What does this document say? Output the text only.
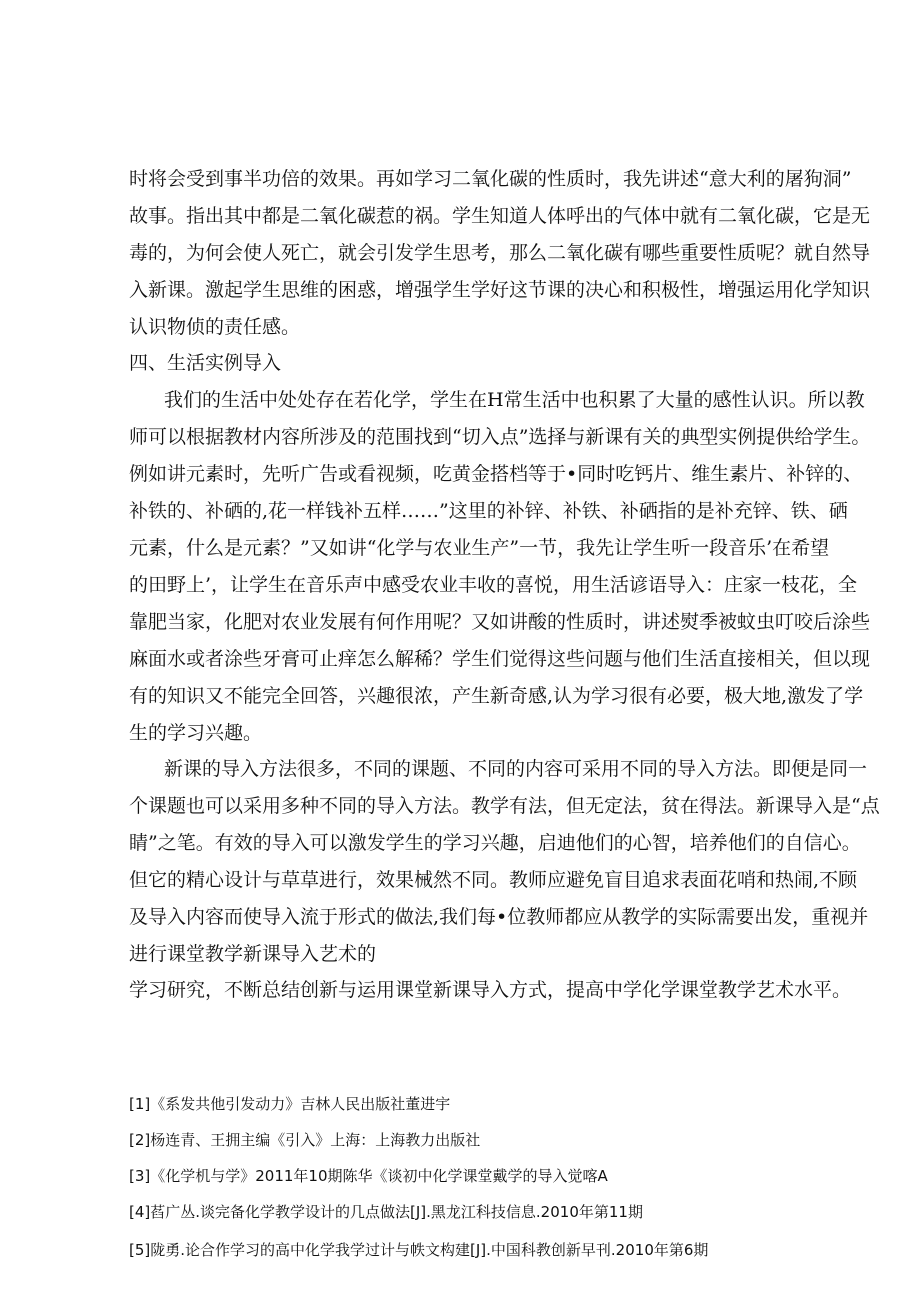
时将会受到事半功倍的效果。再如学习二氧化碳的性质时，我先讲述“意大利的屠狗洞”
故事。指出其中都是二氧化碳惹的祸。学生知道人体呼出的气体中就有二氧化碳，它是无
毒的，为何会使人死亡，就会引发学生思考，那么二氧化碳有哪些重要性质呢？就自然导
入新课。激起学生思维的困惑，增强学生学好这节课的决心和积极性，增强运用化学知识
认识物侦的责任感。
四、生活实例导入
我们的生活中处处存在若化学，学生在H常生活中也积累了大量的感性认识。所以教
师可以根据教材内容所涉及的范围找到“切入点”选择与新课有关的典型实例提供给学生。
例如讲元素时，先听广告或看视频，吃黄金搭档等于•同时吃钙片、维生素片、补锌的、
补铁的、补硒的,花一样钱补五样……”这里的补锌、补铁、补硒指的是补充锌、铁、硒
元素，什么是元素？”又如讲“化学与农业生产”一节，我先让学生听一段音乐’在希望
的田野上’，让学生在音乐声中感受农业丰收的喜悦，用生活谚语导入：庄家一枝花，全
靠肥当家，化肥对农业发展有何作用呢？又如讲酸的性质时，讲述熨季被蚊虫叮咬后涂些
麻面水或者涂些牙膏可止痒怎么解稀？学生们觉得这些问题与他们生活直接相关，但以现
有的知识又不能完全回答，兴趣很浓，产生新奇感,认为学习很有必要，极大地,激发了学
生的学习兴趣。
新课的导入方法很多，不同的课题、不同的内容可采用不同的导入方法。即便是同一
个课题也可以采用多种不同的导入方法。教学有法，但无定法，贫在得法。新课导入是“点
睛”之笔。有效的导入可以激发学生的学习兴趣，启迪他们的心智，培养他们的自信心。
但它的精心设计与草草进行，效果械然不同。教师应避免盲目追求表面花哨和热闹,不顾
及导入内容而使导入流于形式的做法,我们每•位教师都应从教学的实际需要出发，重视并
进行课堂教学新课导入艺术的
学习研究，不断总结创新与运用课堂新课导入方式，提高中学化学课堂教学艺术水平。
[1]《系发共他引发动力》吉林人民出版社董进宇
[2]杨连青、王拥主编《引入》上海：上海教力出版社
[3]《化学机与学》2011年10期陈华《谈初中化学课堂戴学的导入觉喀A
[4]萏广丛.谈完备化学教学设计的几点做法[J].黑龙江科技信息.2010年第11期
[5]陇勇.论合作学习的高中化学我学过计与帙文构建[J].中国科教创新早刊.2010年第6期
